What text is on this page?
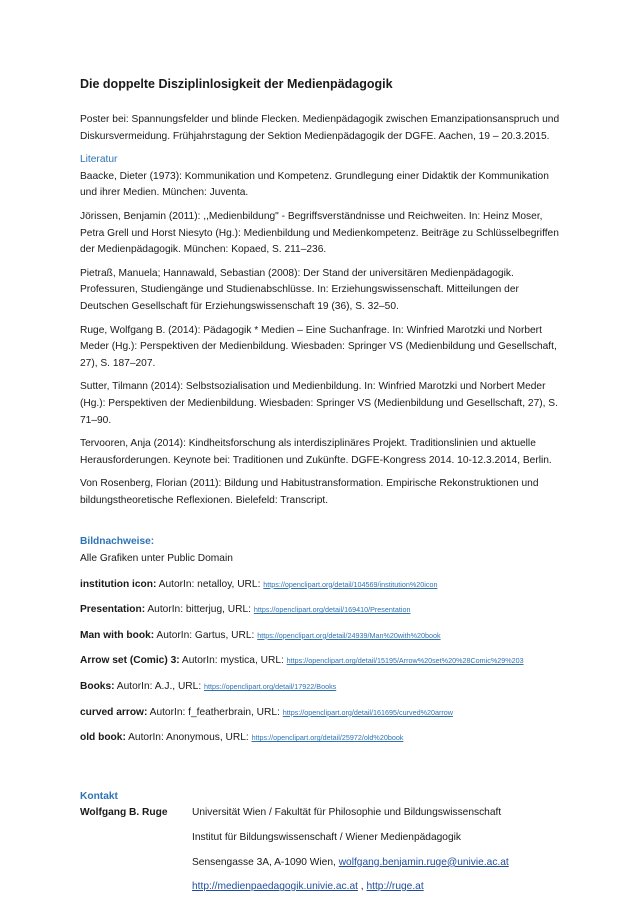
Die doppelte Disziplinlosigkeit der Medienpädagogik

Poster bei: Spannungsfelder und blinde Flecken. Medienpädagogik zwischen Emanzipationsanspruch und Diskursvermeidung. Frühjahrstagung der Sektion Medienpädagogik der DGFE. Aachen, 19 – 20.3.2015.

Literatur

Baacke, Dieter (1973): Kommunikation und Kompetenz. Grundlegung einer Didaktik der Kommunikation und ihrer Medien. München: Juventa.

Jörissen, Benjamin (2011): ,,Medienbildung" - Begriffsverständnisse und Reichweiten. In: Heinz Moser, Petra Grell und Horst Niesyto (Hg.): Medienbildung und Medienkompetenz. Beiträge zu Schlüsselbegriffen der Medienpädagogik. München: Kopaed, S. 211–236.

Pietraß, Manuela; Hannawald, Sebastian (2008): Der Stand der universitären Medienpädagogik. Professuren, Studiengänge und Studienabschlüsse. In: Erziehungswissenschaft. Mitteilungen der Deutschen Gesellschaft für Erziehungswissenschaft 19 (36), S. 32–50.

Ruge, Wolfgang B. (2014): Pädagogik * Medien – Eine Suchanfrage. In: Winfried Marotzki und Norbert Meder (Hg.): Perspektiven der Medienbildung. Wiesbaden: Springer VS (Medienbildung und Gesellschaft, 27), S. 187–207.

Sutter, Tilmann (2014): Selbstsozialisation und Medienbildung. In: Winfried Marotzki und Norbert Meder (Hg.): Perspektiven der Medienbildung. Wiesbaden: Springer VS (Medienbildung und Gesellschaft, 27), S. 71–90.

Tervooren, Anja (2014): Kindheitsforschung als interdisziplinäres Projekt. Traditionslinien und aktuelle Herausforderungen. Keynote bei: Traditionen und Zukünfte. DGFE-Kongress 2014. 10-12.3.2014, Berlin.

Von Rosenberg, Florian (2011): Bildung und Habitustransformation. Empirische Rekonstruktionen und bildungstheoretische Reflexionen. Bielefeld: Transcript.

Bildnachweise:

Alle Grafiken unter Public Domain

institution icon: AutorIn: netalloy, URL: https://openclipart.org/detail/104569/institution%20icon
Presentation: AutorIn: bitterjug, URL: https://openclipart.org/detail/169410/Presentation
Man with book: AutorIn: Gartus, URL: https://openclipart.org/detail/24939/Man%20with%20book
Arrow set (Comic) 3: AutorIn: mystica, URL: https://openclipart.org/detail/15195/Arrow%20set%20%28Comic%29%203
Books: AutorIn: A.J., URL: https://openclipart.org/detail/17922/Books
curved arrow: AutorIn: f_featherbrain, URL: https://openclipart.org/detail/161695/curved%20arrow
old book: AutorIn: Anonymous, URL: https://openclipart.org/detail/25972/old%20book

Kontakt

Wolfgang B. Ruge	Universität Wien / Fakultät für Philosophie und Bildungswissenschaft
Institut für Bildungswissenschaft / Wiener Medienpädagogik
Sensengasse 3A, A-1090 Wien, wolfgang.benjamin.ruge@univie.ac.at
http://medienpaedagogik.univie.ac.at , http://ruge.at
